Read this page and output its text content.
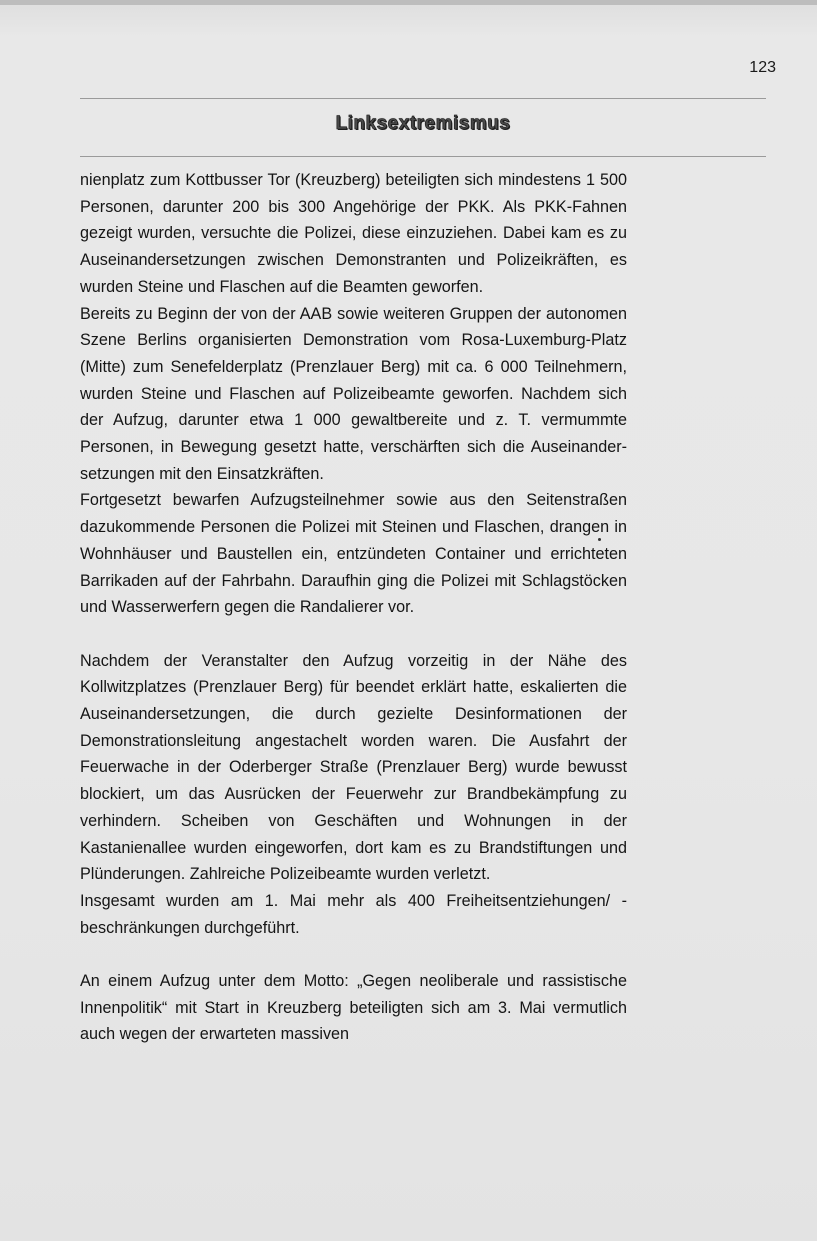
123
Linksextremismus

nienplatz zum Kottbusser Tor (Kreuzberg) beteiligten sich mindestens 1 500 Personen, darunter 200 bis 300 Angehörige der PKK. Als PKK-Fahnen gezeigt wurden, versuchte die Polizei, diese einzuziehen. Dabei kam es zu Auseinandersetzungen zwischen Demonstranten und Polizeikräften, es wurden Steine und Flaschen auf die Beamten geworfen.

Bereits zu Beginn der von der AAB sowie weiteren Gruppen der autonomen Szene Berlins organisierten Demonstration vom Rosa-Luxemburg-Platz (Mitte) zum Senefelderplatz (Prenzlauer Berg) mit ca. 6 000 Teilnehmern, wurden Steine und Flaschen auf Polizeibeamte geworfen. Nachdem sich der Aufzug, darunter etwa 1 000 gewaltbereite und z. T. vermummte Personen, in Bewegung gesetzt hatte, verschärften sich die Auseinandersetzungen mit den Einsatzkräften.

Fortgesetzt bewarfen Aufzugsteilnehmer sowie aus den Seitenstraßen dazukommende Personen die Polizei mit Steinen und Flaschen, drangen in Wohnhäuser und Baustellen ein, entzündeten Container und errichteten Barrikaden auf der Fahrbahn. Daraufhin ging die Polizei mit Schlagstöcken und Wasserwerfern gegen die Randalierer vor.

Nachdem der Veranstalter den Aufzug vorzeitig in der Nähe des Kollwitzplatzes (Prenzlauer Berg) für beendet erklärt hatte, eskalierten die Auseinandersetzungen, die durch gezielte Desinformationen der Demonstrationsleitung angestachelt worden waren. Die Ausfahrt der Feuerwache in der Oderberger Straße (Prenzlauer Berg) wurde bewusst blockiert, um das Ausrücken der Feuerwehr zur Brandbekämpfung zu verhindern. Scheiben von Geschäften und Wohnungen in der Kastanienallee wurden eingeworfen, dort kam es zu Brandstiftungen und Plünderungen. Zahlreiche Polizeibeamte wurden verletzt.

Insgesamt wurden am 1. Mai mehr als 400 Freiheitsentziehungen/ -beschränkungen durchgeführt.

An einem Aufzug unter dem Motto: „Gegen neoliberale und rassistische Innenpolitik“ mit Start in Kreuzberg beteiligten sich am 3. Mai vermutlich auch wegen der erwarteten massiven
